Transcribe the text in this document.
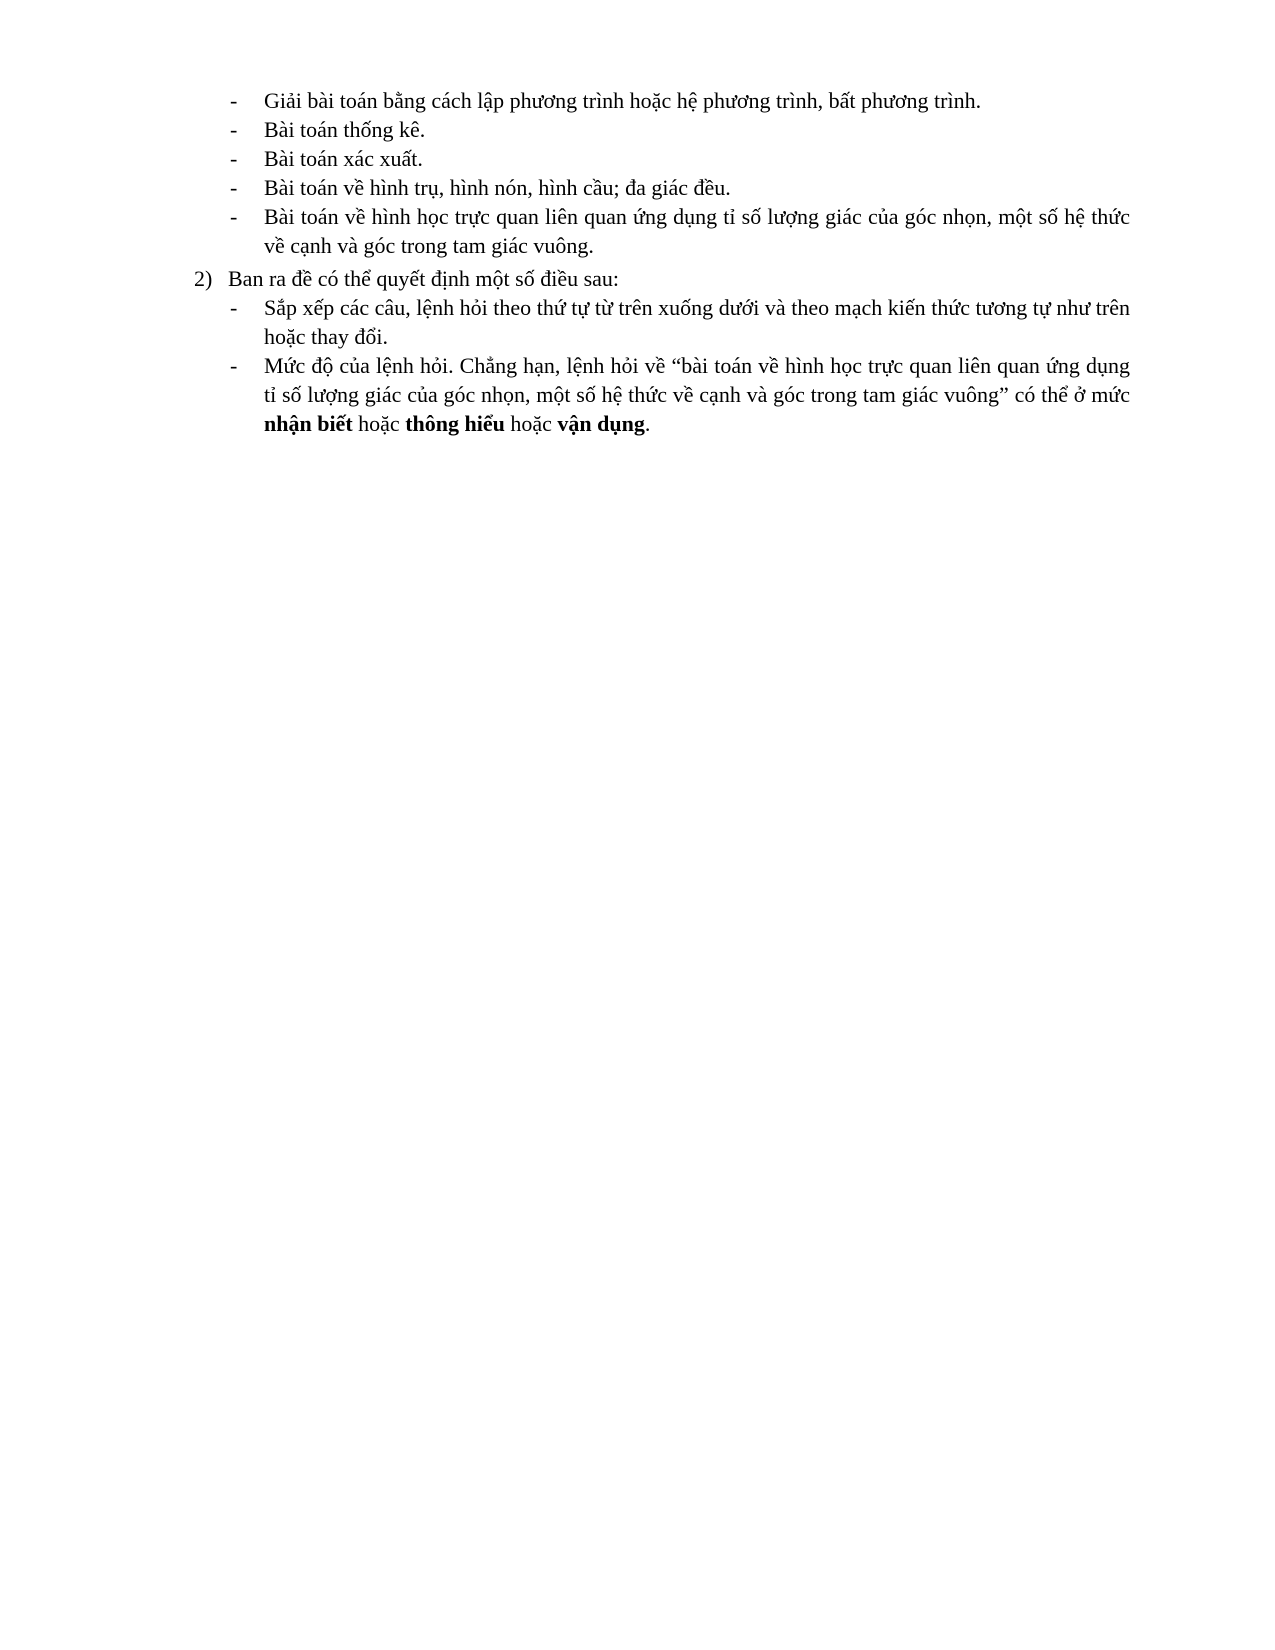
- Giải bài toán bằng cách lập phương trình hoặc hệ phương trình, bất phương trình.
- Bài toán thống kê.
- Bài toán xác xuất.
- Bài toán về hình trụ, hình nón, hình cầu; đa giác đều.
- Bài toán về hình học trực quan liên quan ứng dụng tỉ số lượng giác của góc nhọn, một số hệ thức về cạnh và góc trong tam giác vuông.
2) Ban ra đề có thể quyết định một số điều sau:
- Sắp xếp các câu, lệnh hỏi theo thứ tự từ trên xuống dưới và theo mạch kiến thức tương tự như trên hoặc thay đổi.
- Mức độ của lệnh hỏi. Chẳng hạn, lệnh hỏi về “bài toán về hình học trực quan liên quan ứng dụng tỉ số lượng giác của góc nhọn, một số hệ thức về cạnh và góc trong tam giác vuông” có thể ở mức nhận biết hoặc thông hiểu hoặc vận dụng.
